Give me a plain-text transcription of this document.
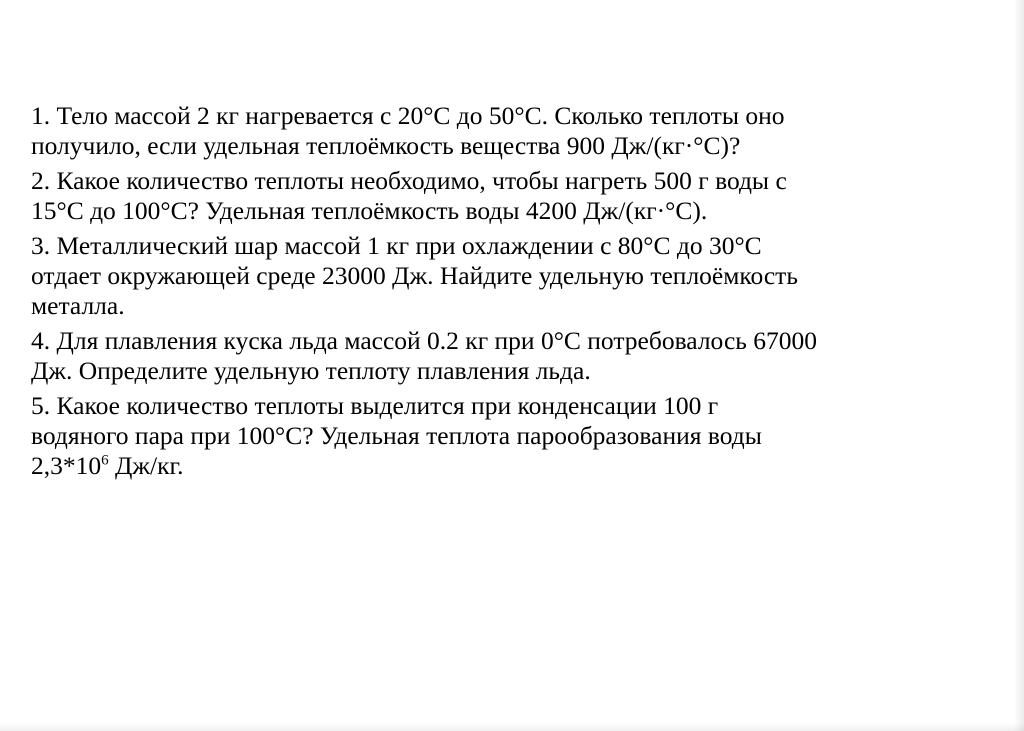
1. Тело массой 2 кг нагревается с 20°С до 50°С. Сколько теплоты оно
получило, если удельная теплоёмкость вещества 900 Дж/(кг·°С)?

2. Какое количество теплоты необходимо, чтобы нагреть 500 г воды с
15°С до 100°С? Удельная теплоёмкость воды 4200 Дж/(кг·°С).

3. Металлический шар массой 1 кг при охлаждении с 80°С до 30°С
отдает окружающей среде 23000 Дж. Найдите удельную теплоёмкость
металла.

4. Для плавления куска льда массой 0.2 кг при 0°С потребовалось 67000
Дж. Определите удельную теплоту плавления льда.

5. Какое количество теплоты выделится при конденсации 100 г
водяного пара при 100°С? Удельная теплота парообразования воды
$2,3*10^6$ Дж/кг.
